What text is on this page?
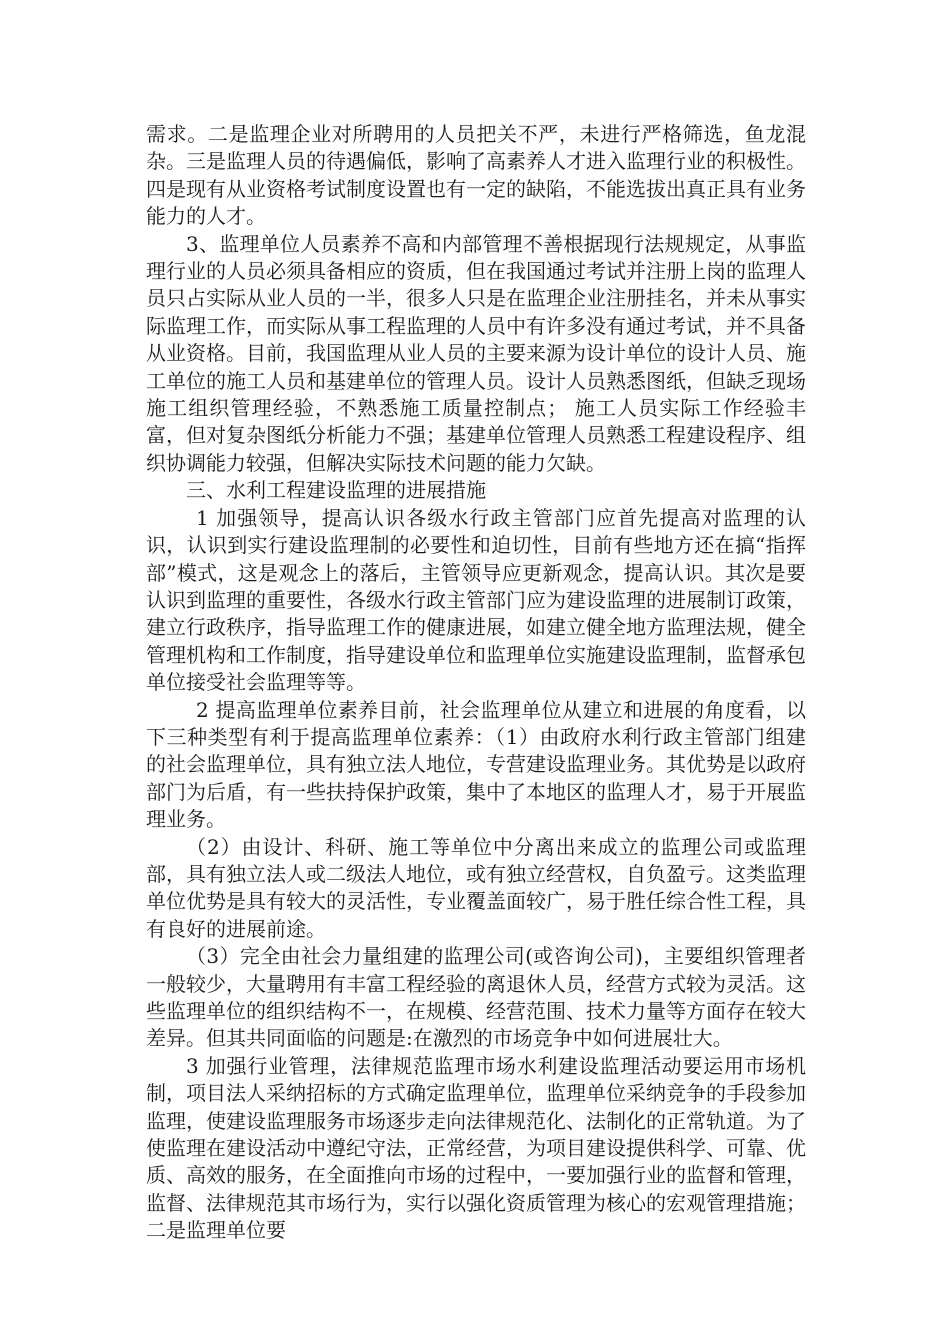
需求。二是监理企业对所聘用的人员把关不严，未进行严格筛选，鱼龙混杂。三是监理人员的待遇偏低，影响了高素养人才进入监理行业的积极性。四是现有从业资格考试制度设置也有一定的缺陷，不能选拔出真正具有业务能力的人才。

3、监理单位人员素养不高和内部管理不善根据现行法规规定，从事监理行业的人员必须具备相应的资质，但在我国通过考试并注册上岗的监理人员只占实际从业人员的一半，很多人只是在监理企业注册挂名，并未从事实际监理工作，而实际从事工程监理的人员中有许多没有通过考试，并不具备从业资格。目前，我国监理从业人员的主要来源为设计单位的设计人员、施工单位的施工人员和基建单位的管理人员。设计人员熟悉图纸，但缺乏现场施工组织管理经验，不熟悉施工质量控制点； 施工人员实际工作经验丰富，但对复杂图纸分析能力不强；基建单位管理人员熟悉工程建设程序、组织协调能力较强，但解决实际技术问题的能力欠缺。

三、水利工程建设监理的进展措施

1 加强领导，提高认识各级水行政主管部门应首先提高对监理的认识，认识到实行建设监理制的必要性和迫切性，目前有些地方还在搞“指挥部”模式，这是观念上的落后，主管领导应更新观念，提高认识。其次是要认识到监理的重要性，各级水行政主管部门应为建设监理的进展制订政策，建立行政秩序，指导监理工作的健康进展，如建立健全地方监理法规，健全管理机构和工作制度，指导建设单位和监理单位实施建设监理制，监督承包单位接受社会监理等等。

2 提高监理单位素养目前，社会监理单位从建立和进展的角度看，以下三种类型有利于提高监理单位素养：（1）由政府水利行政主管部门组建的社会监理单位，具有独立法人地位，专营建设监理业务。其优势是以政府部门为后盾，有一些扶持保护政策，集中了本地区的监理人才，易于开展监理业务。

（2）由设计、科研、施工等单位中分离出来成立的监理公司或监理部，具有独立法人或二级法人地位，或有独立经营权，自负盈亏。这类监理单位优势是具有较大的灵活性，专业覆盖面较广，易于胜任综合性工程，具有良好的进展前途。

（3）完全由社会力量组建的监理公司(或咨询公司)，主要组织管理者一般较少，大量聘用有丰富工程经验的离退休人员，经营方式较为灵活。这些监理单位的组织结构不一，在规模、经营范围、技术力量等方面存在较大差异。但其共同面临的问题是:在激烈的市场竞争中如何进展壮大。

3 加强行业管理，法律规范监理市场水利建设监理活动要运用市场机制，项目法人采纳招标的方式确定监理单位，监理单位采纳竞争的手段参加监理，使建设监理服务市场逐步走向法律规范化、法制化的正常轨道。为了使监理在建设活动中遵纪守法，正常经营，为项目建设提供科学、可靠、优质、高效的服务，在全面推向市场的过程中，一要加强行业的监督和管理，监督、法律规范其市场行为，实行以强化资质管理为核心的宏观管理措施；二是监理单位要
